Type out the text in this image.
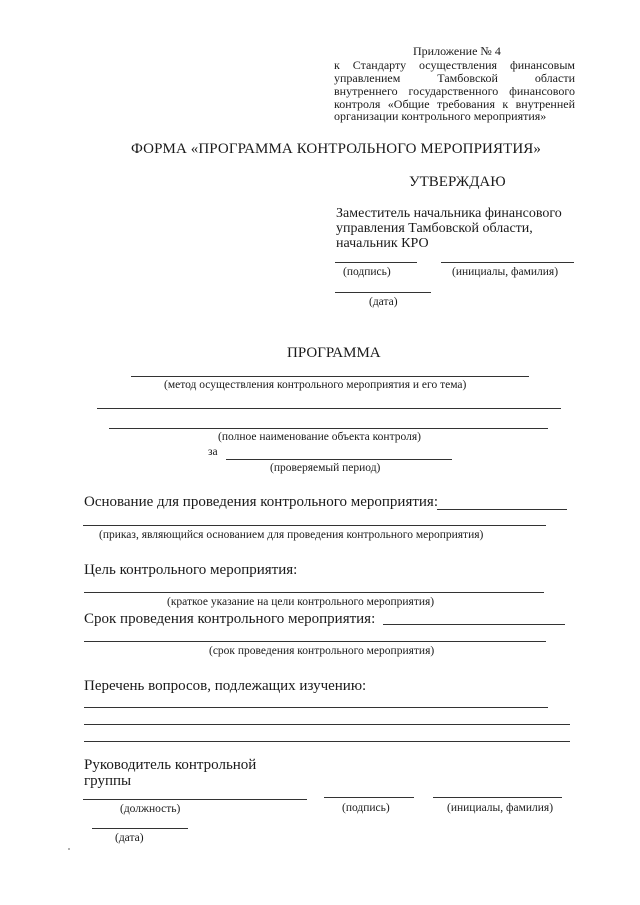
Приложение № 4
к Стандарту осуществления финансовым
управлением Тамбовской области
внутреннего государственного финансового
контроля «Общие требования к внутренней
организации контрольного мероприятия»
ФОРМА «ПРОГРАММА КОНТРОЛЬНОГО МЕРОПРИЯТИЯ»
УТВЕРЖДАЮ
Заместитель начальника финансового
управления Тамбовской области,
начальник КРО
(подпись)	(инициалы, фамилия)
(дата)
ПРОГРАММА
(метод осуществления контрольного мероприятия и его тема)
(полное наименование объекта контроля)
за
(проверяемый период)
Основание для проведения контрольного мероприятия:
(приказ, являющийся основанием для проведения контрольного мероприятия)
Цель контрольного мероприятия:
(краткое указание на цели контрольного мероприятия)
Срок проведения контрольного мероприятия:
(срок проведения контрольного мероприятия)
Перечень вопросов, подлежащих изучению:
Руководитель контрольной
группы
(должность)	(подпись)	(инициалы, фамилия)
(дата)
